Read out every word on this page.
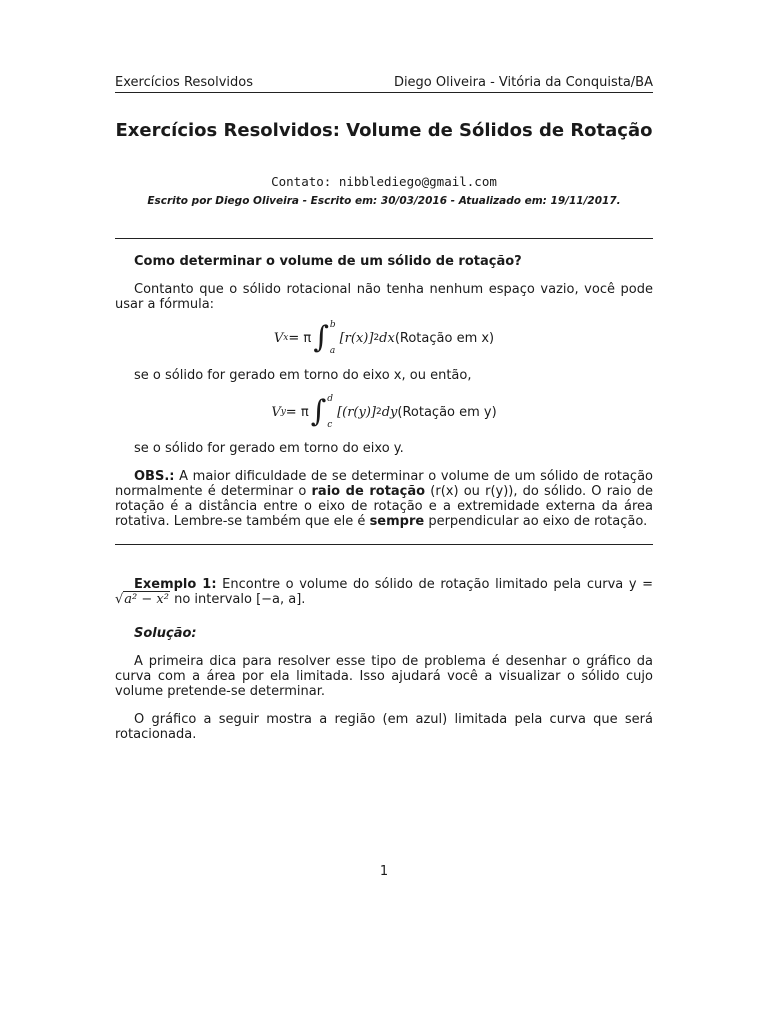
Exercícios Resolvidos	Diego Oliveira - Vitória da Conquista/BA
Exercícios Resolvidos: Volume de Sólidos de Rotação
Contato: nibblediego@gmail.com
Escrito por Diego Oliveira - Escrito em: 30/03/2016 - Atualizado em: 19/11/2017.
Como determinar o volume de um sólido de rotação?
Contanto que o sólido rotacional não tenha nenhum espaço vazio, você pode usar a fórmula:
V x = π ∫ b
a
[r(x)] 2 dx (Rotação em x)
se o sólido for gerado em torno do eixo x, ou então,
V y = π ∫ d
c
[(r(y)] 2 dy (Rotação em y)
se o sólido for gerado em torno do eixo y.
OBS.: A maior dificuldade de se determinar o volume de um sólido de rotação normalmente é determinar o raio de rotação (r(x) ou r(y)), do sólido. O raio de rotação é a distância entre o eixo de rotação e a extremidade externa da área rotativa. Lembre-se também que ele é sempre perpendicular ao eixo de rotação.
Exemplo 1: Encontre o volume do sólido de rotação limitado pela curva y = √a² − x² no intervalo [−a, a].
Solução:
A primeira dica para resolver esse tipo de problema é desenhar o gráfico da curva com a área por ela limitada. Isso ajudará você a visualizar o sólido cujo volume pretende-se determinar.
O gráfico a seguir mostra a região (em azul) limitada pela curva que será rotacionada.
1
